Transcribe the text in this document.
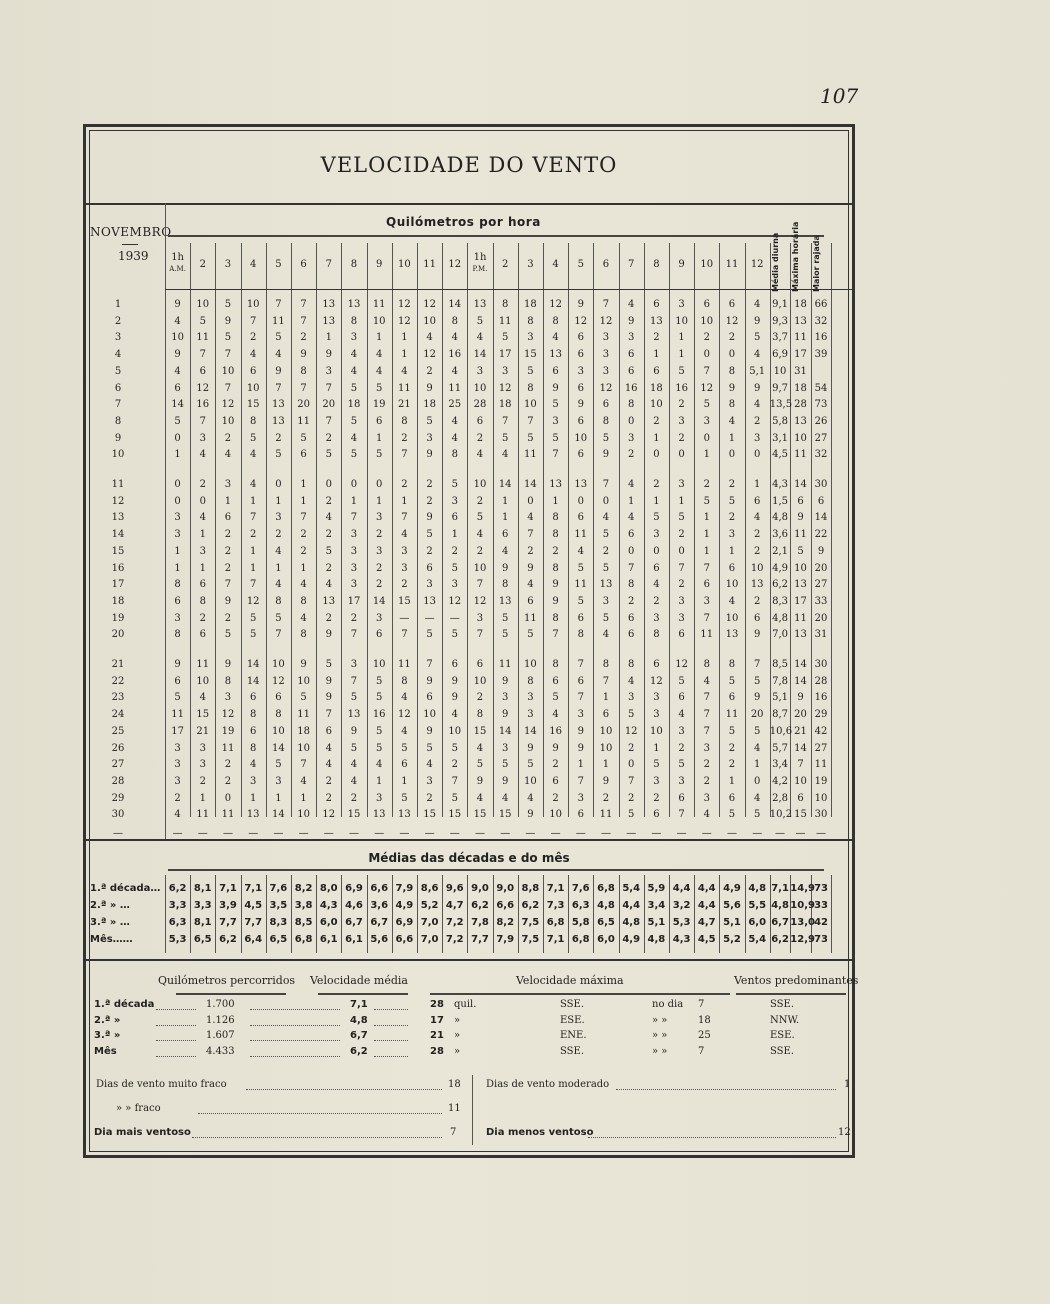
107
VELOCIDADE DO VENTO
NOVEMBRO
1939
Quilómetros por hora
1h
A.M.	2	3	4	5	6	7	8	9	10	11	12
1h
P.M.	2	3	4	5	6	7	8	9	10	11	12 Média diurna	Máxima horária	Maior rajada
1	9	10	5	10	7	7	13	13	11	12	12	14	13	8	18	12	9	7	4	6	3	6	6	4	9,1 18 66
2	4	5	9	7	11	7	13	8	10	12	10	8	5	11	8	8	12	12	9	13	10	10	12	9	9,3 13 32
3	10	11	5	2	5	2	1	3	1	1	4	4	4	5	3	4	6	3	3	2	1	2	2	5	3,7 11 16
4	9	7	7	4	4	9	9	4	4	1	12	16	14	17	15	13	6	3	6	1	1	0	0	4	6,9 17 39
5	4	6	10	6	9	8	3	4	4	4	2	4	3	3	5	6	3	3	6	6	5	7	8	5,1 10 31
6	6	12	7	10	7	7	7	5	5	11	9	11	10	12	8	9	6	12	16	18	16	12	9	9	9,7 18 54
7	14	16	12	15	13	20	20	18	19	21	18	25	28	18	10	5	9	6	8	10	2	5	8	4 13,5 28 73
8	5	7	10	8	13	11	7	5	6	8	5	4	6	7	7	3	6	8	0	2	3	3	4	2	5,8 13 26
9	0	3	2	5	2	5	2	4	1	2	3	4	2	5	5	5	10	5	3	1	2	0	1	3	3,1 10 27
10	1	4	4	4	5	6	5	5	5	7	9	8	4	4	11	7	6	9	2	0	0	1	0	0	4,5 11 32
11	0	2	3	4	0	1	0	0	0	2	2	5	10	14	14	13	13	7	4	2	3	2	2	1	4,3 14 30
12	0	0	1	1	1	1	2	1	1	1	2	3	2	1	0	1	0	0	1	1	1	5	5	6	1,5 6	6
13	3	4	6	7	3	7	4	7	3	7	9	6	5	1	4	8	6	4	4	5	5	1	2	4	4,8 9	14
14	3	1	2	2	2	2	2	3	2	4	5	1	4	6	7	8	11	5	6	3	2	1	3	2	3,6 11 22
15	1	3	2	1	4	2	5	3	3	3	2	2	2	4	2	2	4	2	0	0	0	1	1	2	2,1 5	9
16	1	1	2	1	1	1	2	3	2	3	6	5	10	9	9	8	5	5	7	6	7	7	6	10 4,9 10 20
17	8	6	7	7	4	4	4	3	2	2	3	3	7	8	4	9	11	13	8	4	2	6	10	13 6,2 13 27
18	6	8	9	12	8	8	13	17	14	15	13	12	12	13	6	9	5	3	2	2	3	3	4	2	8,3 17 33
19	3	2	2	5	5	4	2	2	3	—	—	—	3	5	11	8	6	5	6	3	3	7	10	6	4,8 11 20
20	8	6	5	5	7	8	9	7	6	7	5	5	7	5	5	7	8	4	6	8	6	11	13	9	7,0 13 31
21	9	11	9	14	10	9	5	3	10	11	7	6	6	11	10	8	7	8	8	6	12	8	8	7	8,5 14 30
22	6	10	8	14	12	10	9	7	5	8	9	9	10	9	8	6	6	7	4	12	5	4	5	5	7,8 14 28
23	5	4	3	6	6	5	9	5	5	4	6	9	2	3	3	5	7	1	3	3	6	7	6	9	5,1 9	16
24	11	15	12	8	8	11	7	13	16	12	10	4	8	9	3	4	3	6	5	3	4	7	11	20 8,7 20 29
25	17	21	19	6	10	18	6	9	5	4	9	10	15	14	14	16	9	10	12	10	3	7	5	5 10,6 21 42
26	3	3	11	8	14	10	4	5	5	5	5	5	4	3	9	9	9	10	2	1	2	3	2	4	5,7 14 27
27	3	3	2	4	5	7	4	4	4	6	4	2	5	5	5	2	1	1	0	5	5	2	2	1	3,4 7	11
28	3	2	2	3	3	4	2	4	1	1	3	7	9	9	10	6	7	9	7	3	3	2	1	0	4,2 10 19
29	2	1	0	1	1	1	2	2	3	5	2	5	4	4	4	2	3	2	2	2	6	3	6	4	2,8 6	10
30	4	11	11	13	14	10	12	15	13	13	15	15	15	15	9	10	6	11	5	6	7	4	5	5 10,2 15 30
—	—	—	—	—	—	—	—	—	—	—	—	—	—	—	—	—	—	—	—	—	—	—	—	—	—	—	—
Médias das décadas e do mês
1.ª década… 6,2 8,1 7,1 7,1 7,6 8,2 8,0 6,9 6,6 7,9 8,6 9,6 9,0 9,0 8,8 7,1 7,6 6,8 5,4 5,9 4,4 4,4 4,9 4,8 7,1 14,9 73
2.ª » …	3,3 3,3 3,9 4,5 3,5 3,8 4,3 4,6 3,6 4,9 5,2 4,7 6,2 6,6 6,2 7,3 6,3 4,8 4,4 3,4 3,2 4,4 5,6 5,5 4,8 10,9 33
3.ª » …	6,3 8,1 7,7 7,7 8,3 8,5 6,0 6,7 6,7 6,9 7,0 7,2 7,8 8,2 7,5 6,8 5,8 6,5 4,8 5,1 5,3 4,7 5,1 6,0 6,7 13,0 42
Mês……	5,3 6,5 6,2 6,4 6,5 6,8 6,1 6,1 5,6 6,6 7,0 7,2 7,7 7,9 7,5 7,1 6,8 6,0 4,9 4,8 4,3 4,5 5,2 5,4 6,2 12,9 73
Quilómetros percorridos Velocidade média	Velocidade máxima	Ventos predominantes
1.ª década	1.700	7,1	28 quil.	SSE.	no dia 7	SSE.
2.ª »	1.126	4,8	17 »	ESE.	» »	18	NNW.
3.ª »	1.607	6,7	21 »	ENE.	» »	25	ESE.
Mês	4.433	6,2	28 »	SSE.	» »	7	SSE.
Dias de vento muito fraco	18
» » fraco	11
Dia mais ventoso	7
Dias de vento moderado	1
Dia menos ventoso	12
